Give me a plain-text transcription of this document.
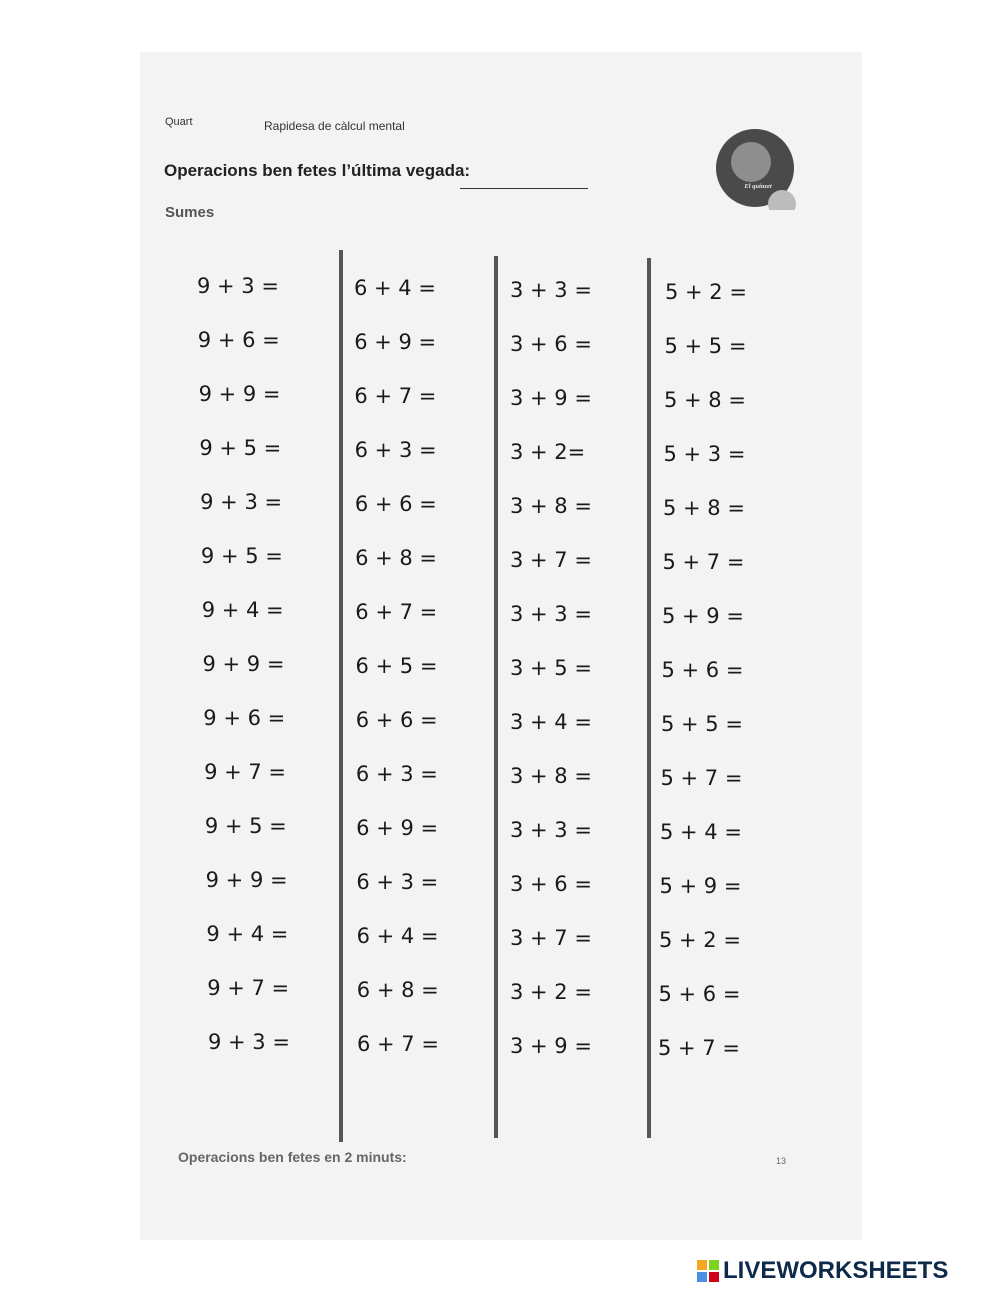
Quart	Rapidesa de càlcul mental
Operacions ben fetes l’última vegada:
Sumes
El quinzet
9 + 3 =
9 + 6 =
9 + 9 =
9 + 5 =
9 + 3 =
9 + 5 =
9 + 4 =
9 + 9 =
9 + 6 =
9 + 7 =
9 + 5 =
9 + 9 =
9 + 4 =
9 + 7 =
9 + 3 =
6 + 4 =
6 + 9 =
6 + 7 =
6 + 3 =
6 + 6 =
6 + 8 =
6 + 7 =
6 + 5 =
6 + 6 =
6 + 3 =
6 + 9 =
6 + 3 =
6 + 4 =
6 + 8 =
6 + 7 =
3 + 3 =
3 + 6 =
3 + 9 =
3 + 2=
3 + 8 =
3 + 7 =
3 + 3 =
3 + 5 =
3 + 4 =
3 + 8 =
3 + 3 =
3 + 6 =
3 + 7 =
3 + 2 =
3 + 9 =
5 + 2 =
5 + 5 =
5 + 8 =
5 + 3 =
5 + 8 =
5 + 7 =
5 + 9 =
5 + 6 =
5 + 5 =
5 + 7 =
5 + 4 =
5 + 9 =
5 + 2 =
5 + 6 =
5 + 7 =
Operacions ben fetes en 2 minuts:	13
LIVEWORKSHEETS
